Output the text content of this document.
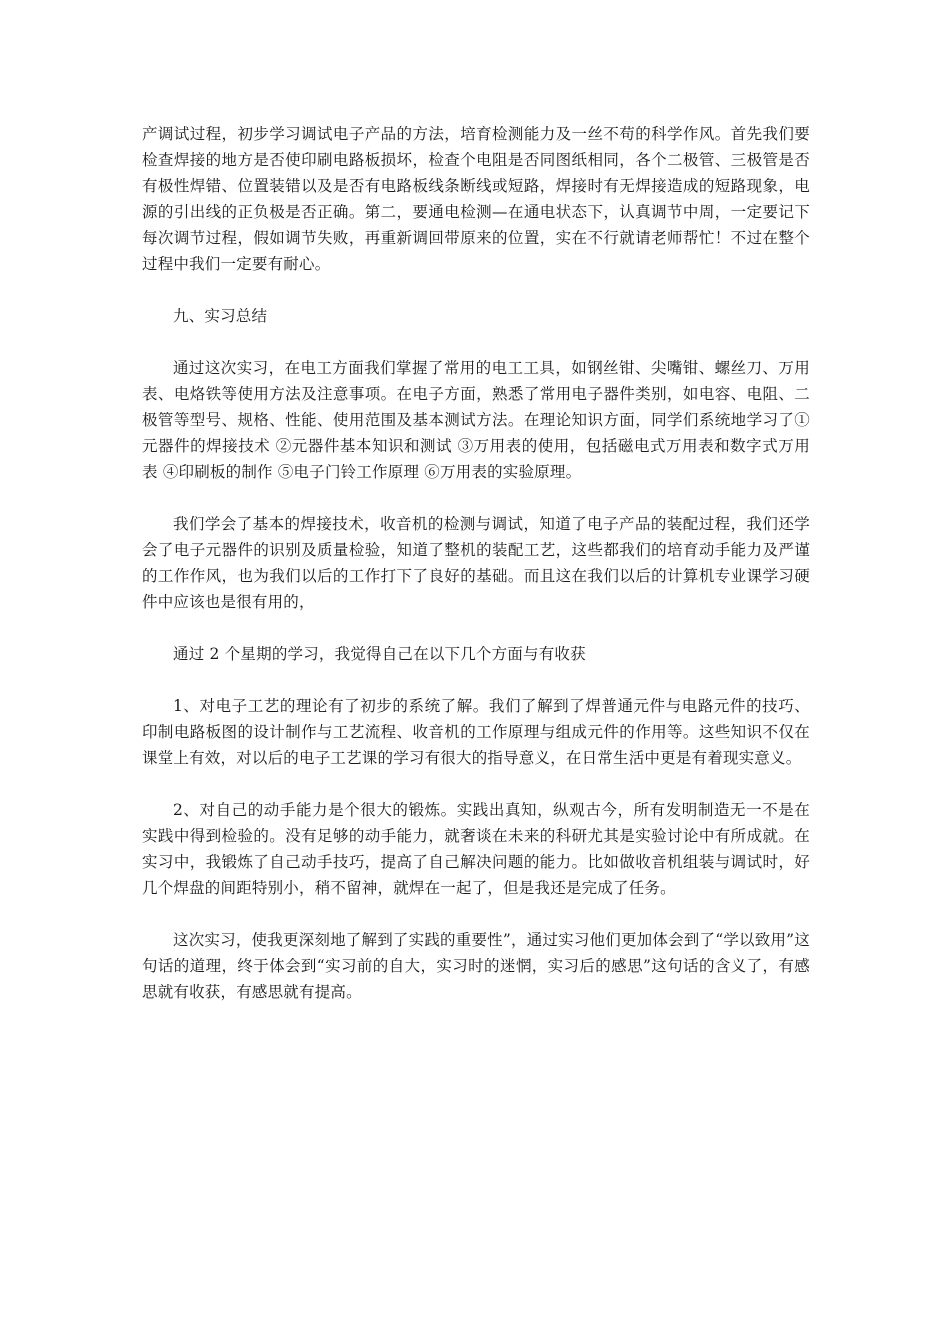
产调试过程，初步学习调试电子产品的方法，培育检测能力及一丝不苟的科学作风。首先我们要检查焊接的地方是否使印刷电路板损坏，检查个电阻是否同图纸相同，各个二极管、三极管是否有极性焊错、位置装错以及是否有电路板线条断线或短路，焊接时有无焊接造成的短路现象，电源的引出线的正负极是否正确。第二，要通电检测—在通电状态下，认真调节中周，一定要记下每次调节过程，假如调节失败，再重新调回带原来的位置，实在不行就请老师帮忙！不过在整个过程中我们一定要有耐心。

九、实习总结

通过这次实习，在电工方面我们掌握了常用的电工工具，如钢丝钳、尖嘴钳、螺丝刀、万用表、电烙铁等使用方法及注意事项。在电子方面，熟悉了常用电子器件类别，如电容、电阻、二极管等型号、规格、性能、使用范围及基本测试方法。在理论知识方面，同学们系统地学习了①元器件的焊接技术 ②元器件基本知识和测试 ③万用表的使用，包括磁电式万用表和数字式万用表 ④印刷板的制作 ⑤电子门铃工作原理 ⑥万用表的实验原理。

我们学会了基本的焊接技术，收音机的检测与调试，知道了电子产品的装配过程，我们还学会了电子元器件的识别及质量检验，知道了整机的装配工艺，这些都我们的培育动手能力及严谨的工作作风，也为我们以后的工作打下了良好的基础。而且这在我们以后的计算机专业课学习硬件中应该也是很有用的，

通过 2 个星期的学习，我觉得自己在以下几个方面与有收获

1、对电子工艺的理论有了初步的系统了解。我们了解到了焊普通元件与电路元件的技巧、印制电路板图的设计制作与工艺流程、收音机的工作原理与组成元件的作用等。这些知识不仅在课堂上有效，对以后的电子工艺课的学习有很大的指导意义，在日常生活中更是有着现实意义。

2、对自己的动手能力是个很大的锻炼。实践出真知，纵观古今，所有发明制造无一不是在实践中得到检验的。没有足够的动手能力，就奢谈在未来的科研尤其是实验讨论中有所成就。在实习中，我锻炼了自己动手技巧，提高了自己解决问题的能力。比如做收音机组装与调试时，好几个焊盘的间距特别小，稍不留神，就焊在一起了，但是我还是完成了任务。

这次实习，使我更深刻地了解到了实践的重要性”，通过实习他们更加体会到了“学以致用”这句话的道理，终于体会到“实习前的自大，实习时的迷惘，实习后的感思”这句话的含义了，有感思就有收获，有感思就有提高。
